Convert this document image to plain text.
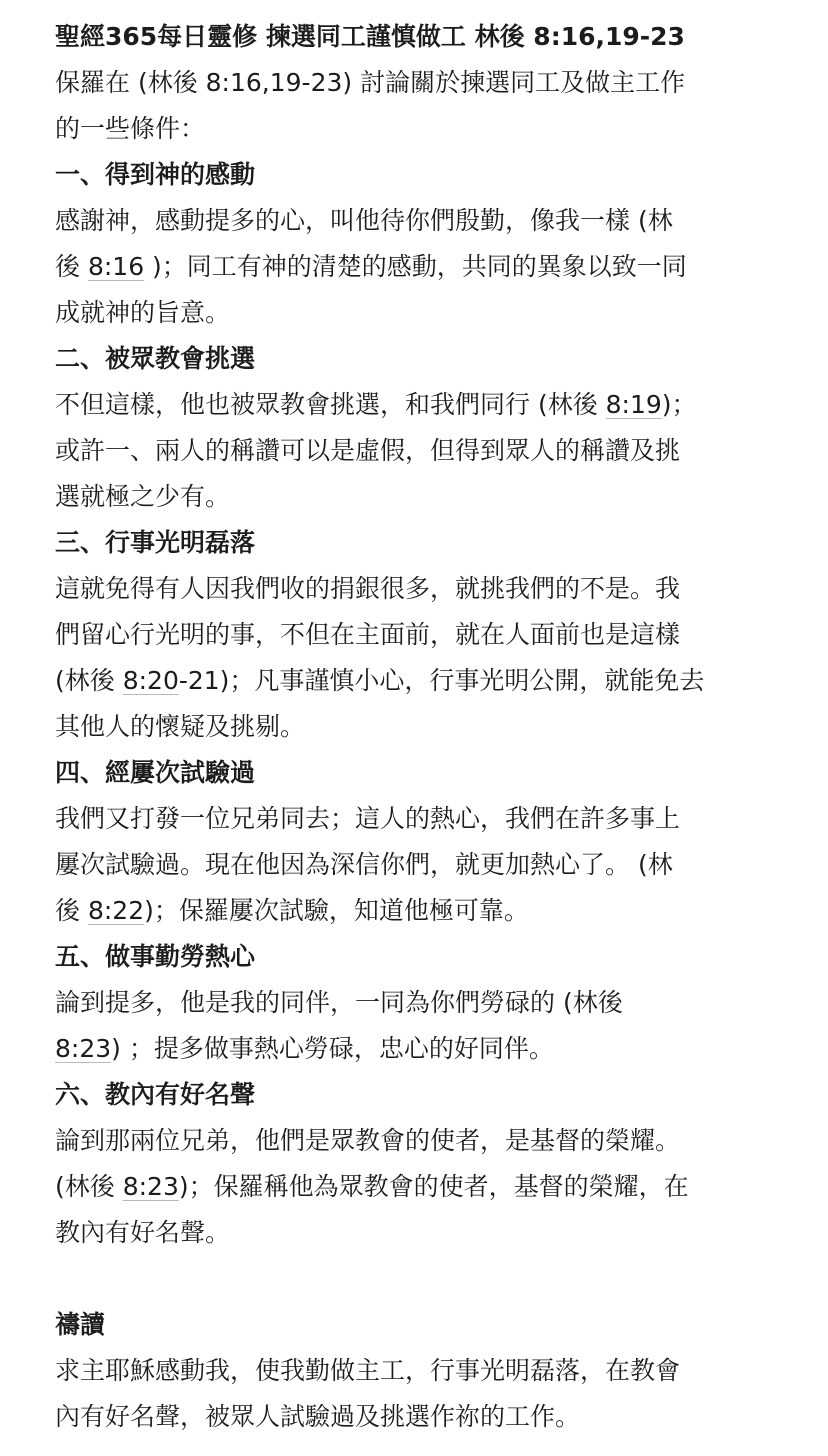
聖經365每日靈修 揀選同工謹慎做工 林後 8:16,19-23
保羅在 (林後 8:16,19-23) 討論關於揀選同工及做主工作
的一些條件：
一、得到神的感動
感謝神，感動提多的心，叫他待你們殷勤，像我一樣 (林
後 8:16 )；同工有神的清楚的感動，共同的異象以致一同
成就神的旨意。
二、被眾教會挑選
不但這樣，他也被眾教會挑選，和我們同行 (林後 8:19)；
或許一、兩人的稱讚可以是虛假，但得到眾人的稱讚及挑
選就極之少有。
三、行事光明磊落
這就免得有人因我們收的捐銀很多，就挑我們的不是。我
們留心行光明的事，不但在主面前，就在人面前也是這樣
(林後 8:20-21)；凡事謹慎小心，行事光明公開，就能免去
其他人的懷疑及挑剔。
四、經屢次試驗過
我們又打發一位兄弟同去；這人的熱心，我們在許多事上
屢次試驗過。現在他因為深信你們，就更加熱心了。 (林
後 8:22)；保羅屢次試驗，知道他極可靠。
五、做事勤勞熱心
論到提多，他是我的同伴，一同為你們勞碌的 (林後
8:23) ；提多做事熱心勞碌，忠心的好同伴。
六、教內有好名聲
論到那兩位兄弟，他們是眾教會的使者，是基督的榮耀。
(林後 8:23)；保羅稱他為眾教會的使者，基督的榮耀，在
教內有好名聲。
禱讀
求主耶穌感動我，使我勤做主工，行事光明磊落，在教會
內有好名聲，被眾人試驗過及挑選作祢的工作。
